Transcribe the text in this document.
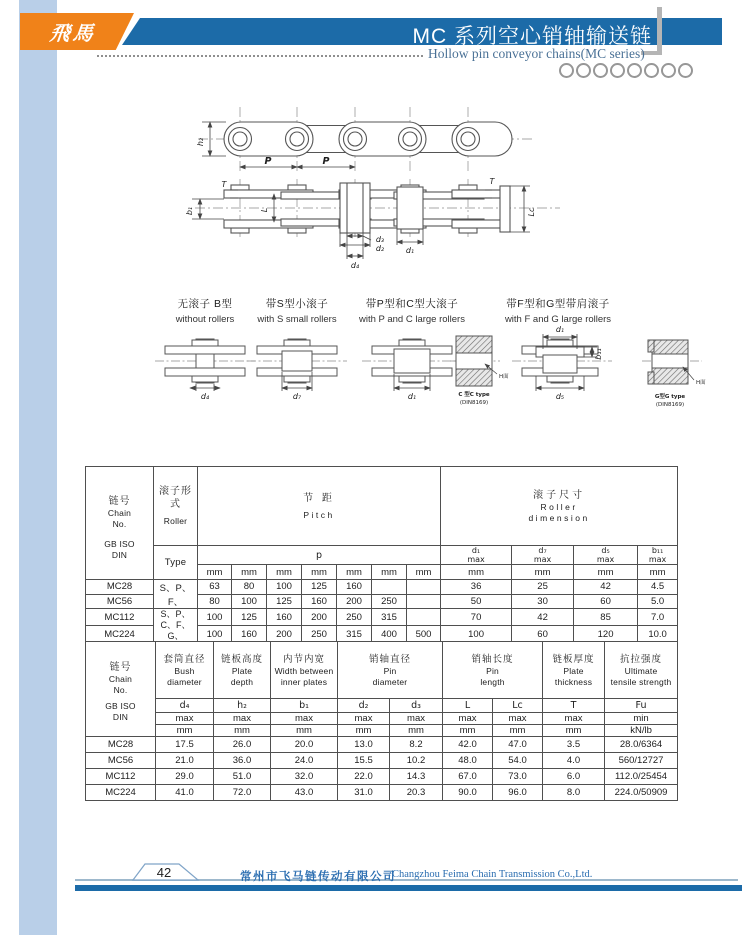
飛馬	MC 系列空心销轴输送链
Hollow pin conveyor chains(MC series)
h₂
P	P
T
b₁	L
d₃
d₂
d₄
d₁
T
Lc
无滚子 B型
without rollers
带S型小滚子
with S small rollers
带P型和C型大滚子
with P and C large rollers
带F型和G型带肩滚子
with F and G large rollers
H面
C 型C type
(DIN8169)
H面
G型G type
(DIN8169)
d₄	d₇	d₁
d₁
b₁₁
d₅
链号
Chain
No.
GB ISO
DIN

滚子形式
Roller

节 距
Pitch

滚子尺寸
Roller
dimension

Type	p	d₁
max

d₇
max

d₅
max

b₁₁
max

		mm	mm	mm	mm	mm	mm	mm	mm	mm	mm	mm
MC28	S、P、F、	63	80	100	125	160			36	25	42	4.5
MC56		80	100	125	160	200	250		50	30	60	5.0
MC112	S、P、
C、F、G、	100	125	160	200	250	315		70	42	85	7.0
MC224		100	160	200	250	315	400	500	100	60	120	10.0
链号
Chain
No.
GB ISO
DIN

套筒直径
Bush
diameter

链板高度
Plate
depth

内节内宽
Width between
inner plates

销轴直径
Pin
diameter

销轴长度
Pin
length

链板厚度
Plate
thickness

抗拉强度
Ultimate
tensile strength

	d₄	h₂	b₁	d₂	d₃	L	Lc	T	Fu
	max	max	max	max	max	max	max	max	min
	mm	mm	mm	mm	mm	mm	mm	mm	kN/lb
MC28	17.5	26.0	20.0	13.0	8.2	42.0	47.0	3.5	28.0/6364
MC56	21.0	36.0	24.0	15.5	10.2	48.0	54.0	4.0	560/12727
MC112	29.0	51.0	32.0	22.0	14.3	67.0	73.0	6.0	112.0/25454
MC224	41.0	72.0	43.0	31.0	20.3	90.0	96.0	8.0	224.0/50909
42	常州市飞马链传动有限公司
Changzhou Feima Chain Transmission Co.,Ltd.
